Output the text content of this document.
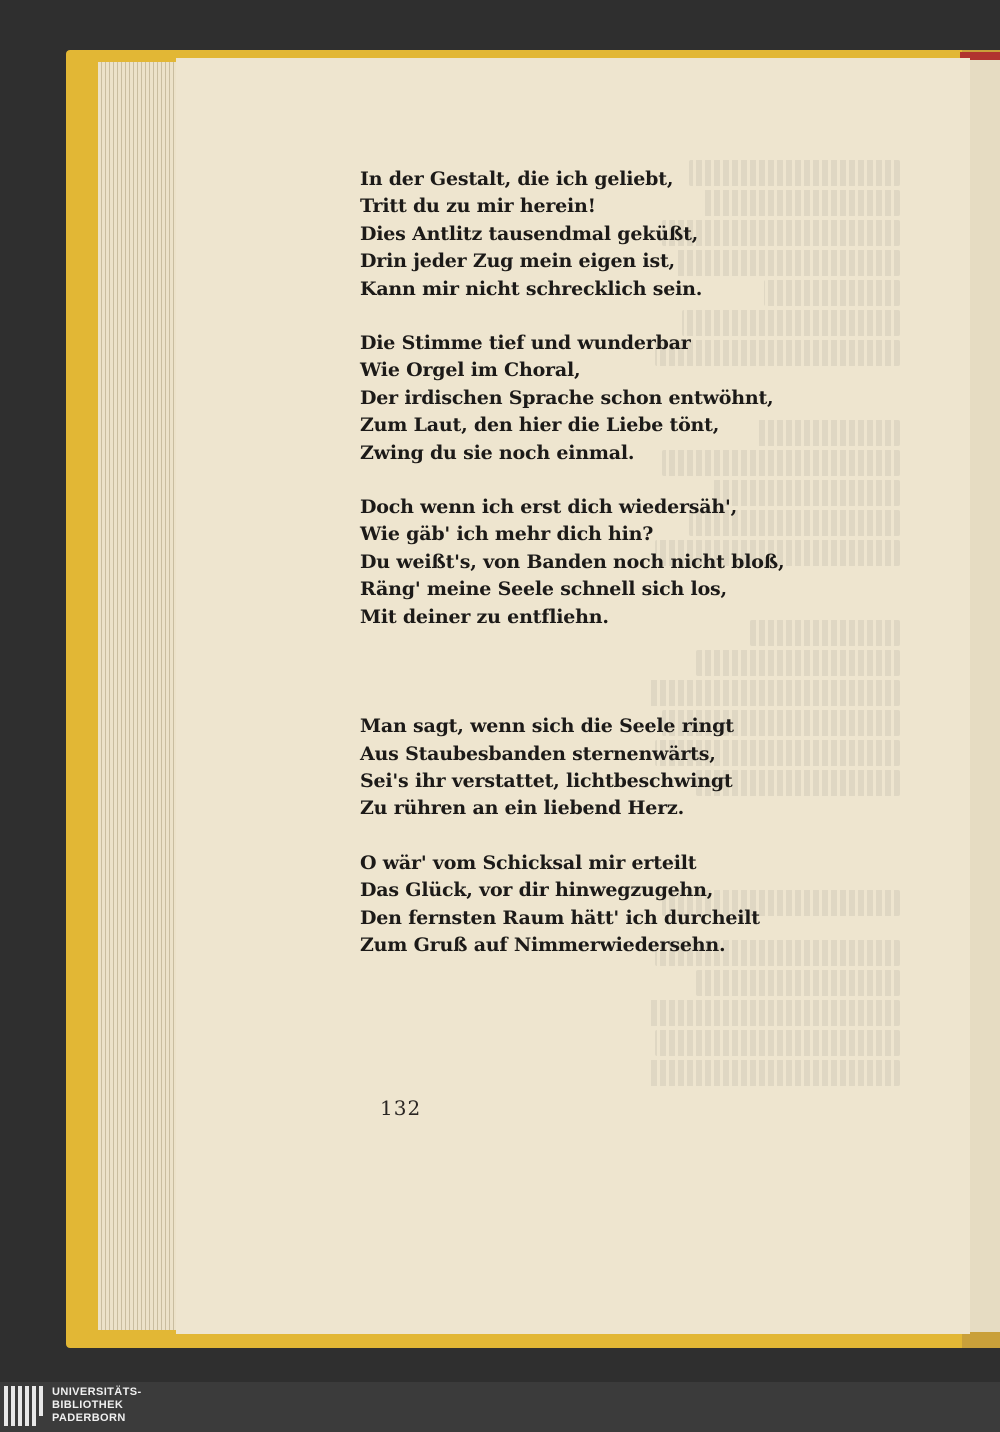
In der Gestalt, die ich geliebt,
Tritt du zu mir herein!
Dies Antlitz tausendmal geküßt,
Drin jeder Zug mein eigen ist,
Kann mir nicht schrecklich sein.
Die Stimme tief und wunderbar
Wie Orgel im Choral,
Der irdischen Sprache schon entwöhnt,
Zum Laut, den hier die Liebe tönt,
Zwing du sie noch einmal.
Doch wenn ich erst dich wiedersäh',
Wie gäb' ich mehr dich hin?
Du weißt's, von Banden noch nicht bloß,
Räng' meine Seele schnell sich los,
Mit deiner zu entfliehn.
Man sagt, wenn sich die Seele ringt
Aus Staubesbanden sternenwärts,
Sei's ihr verstattet, lichtbeschwingt
Zu rühren an ein liebend Herz.
O wär' vom Schicksal mir erteilt
Das Glück, vor dir hinwegzugehn,
Den fernsten Raum hätt' ich durcheilt
Zum Gruß auf Nimmerwiedersehn.
132
UNIVERSITÄTS-
BIBLIOTHEK
PADERBORN
